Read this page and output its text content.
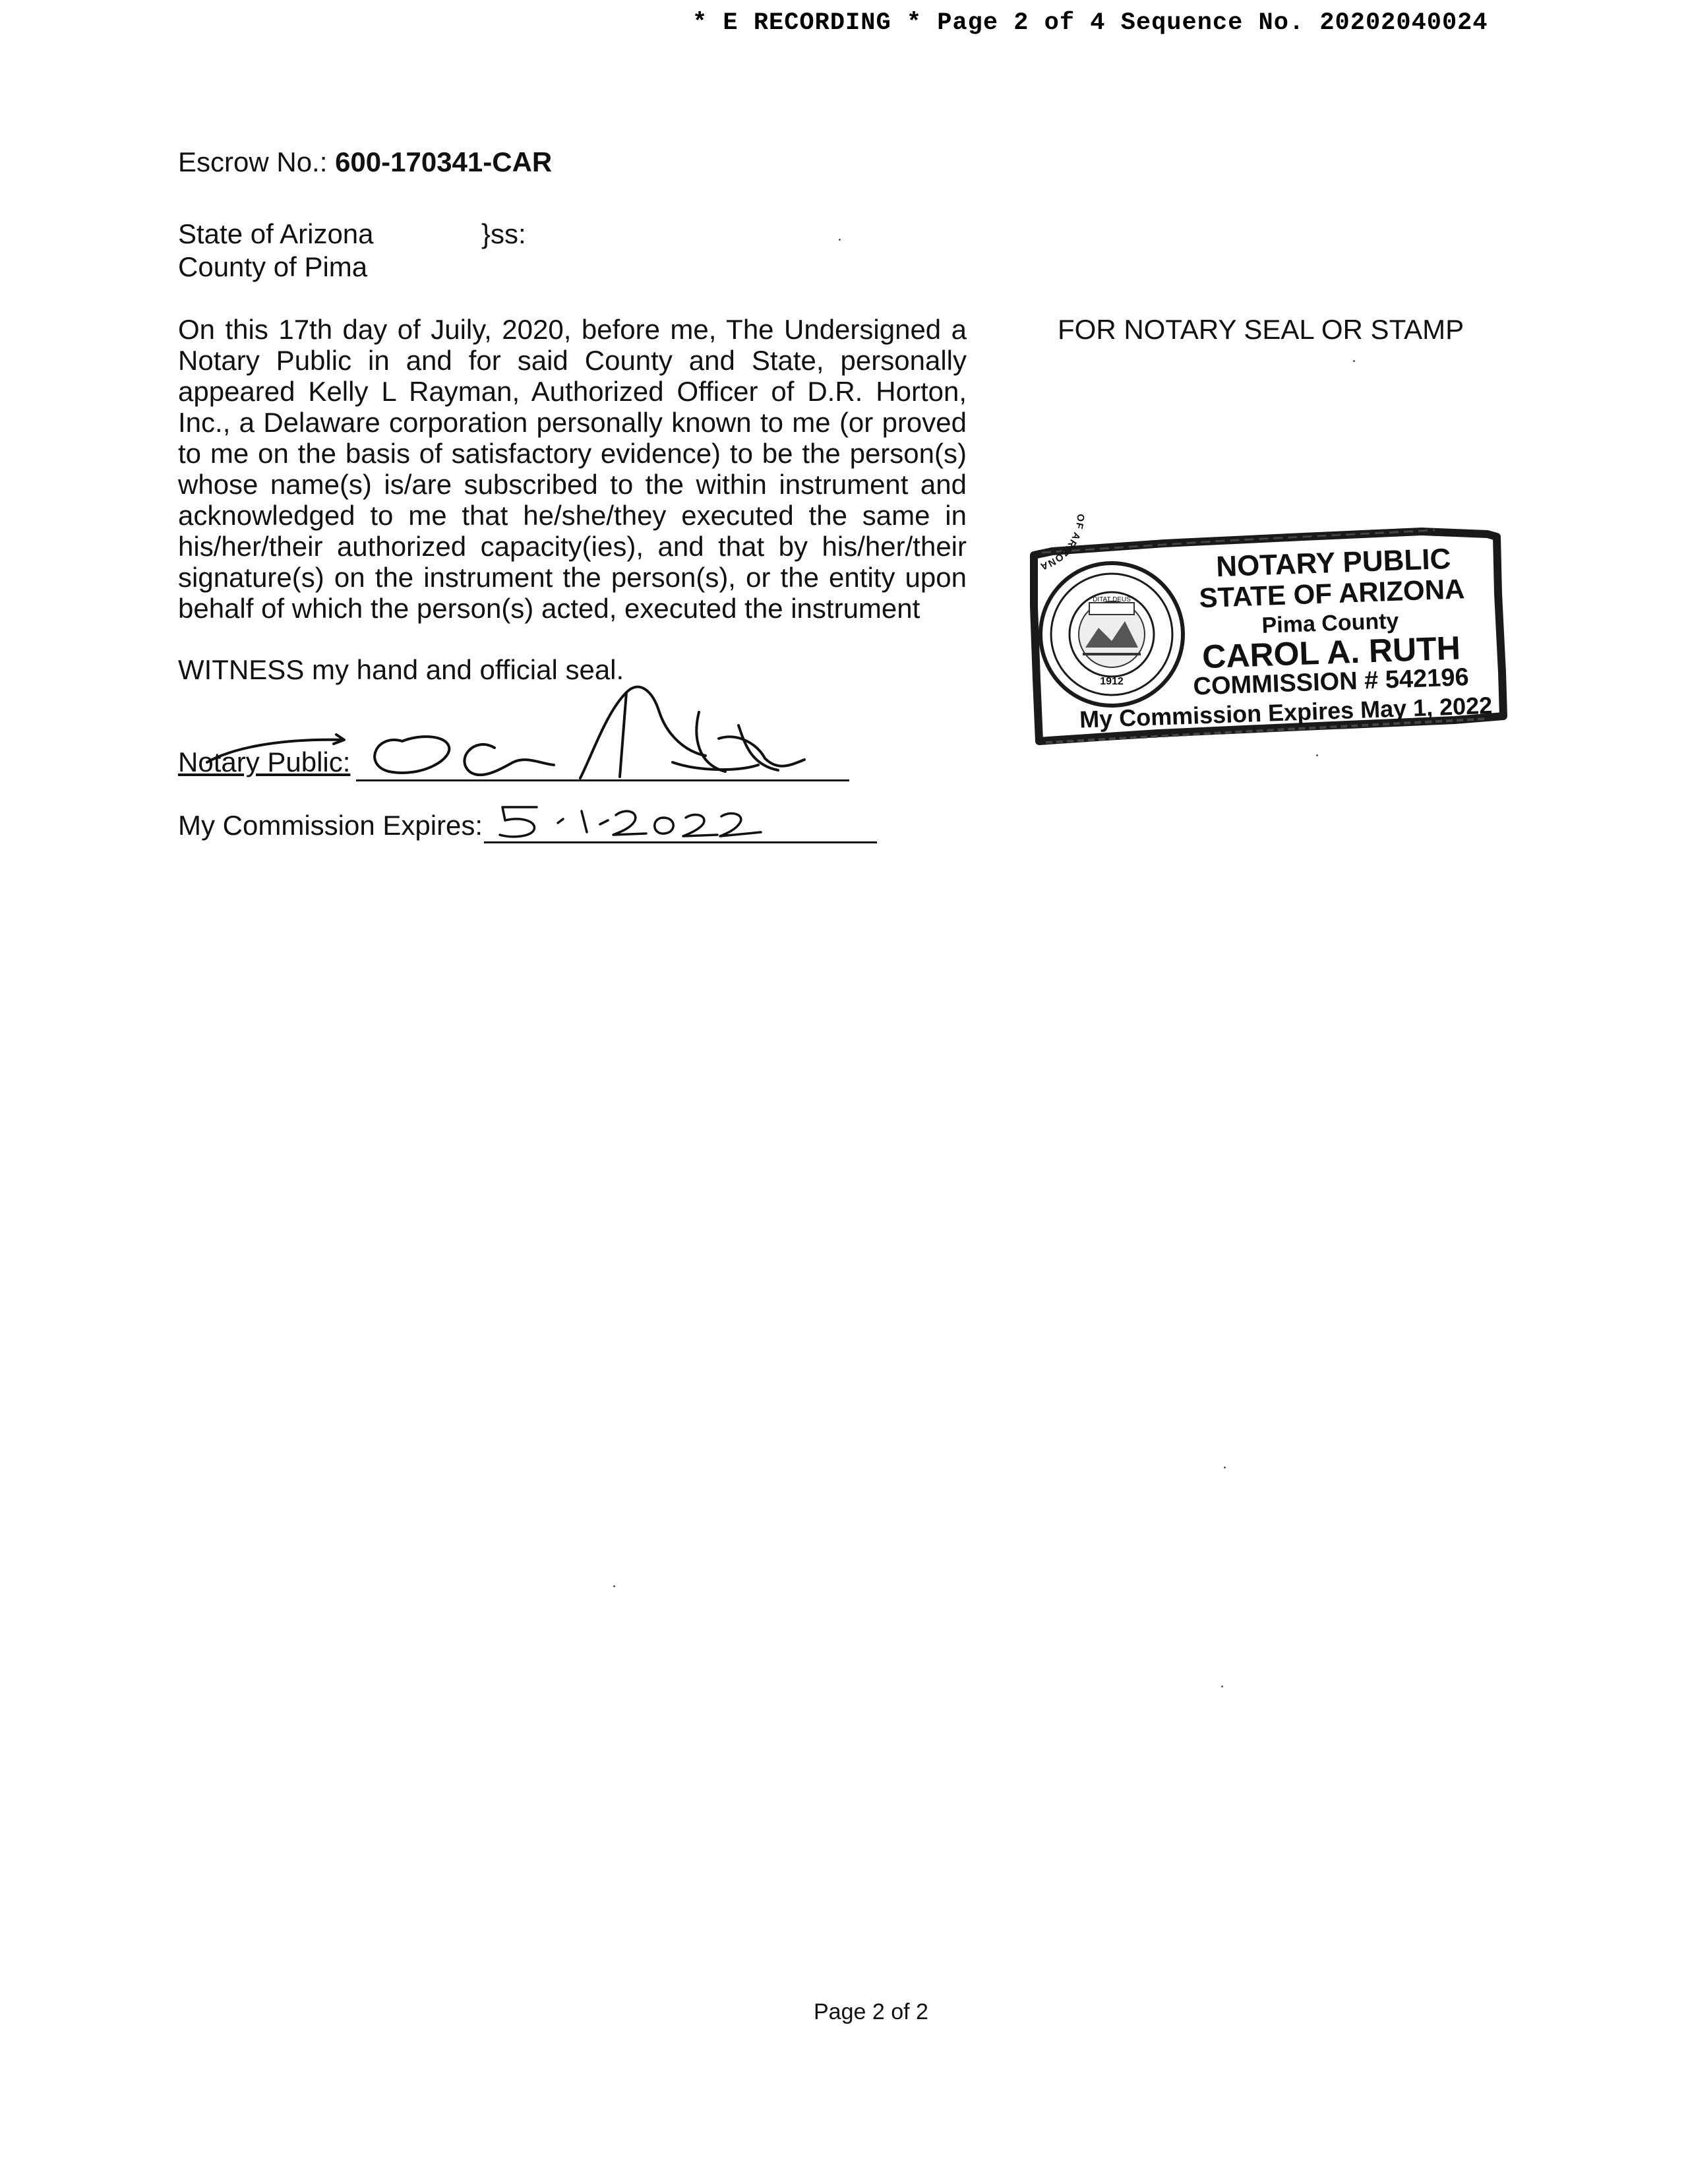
* E RECORDING * Page 2 of 4 Sequence No. 20202040024
Escrow No.: 600-170341-CAR
State of Arizona
County of Pima
}ss:
On this 17th day of Juily, 2020, before me, The Undersigned a
Notary Public in and for said County and State, personally
appeared Kelly L Rayman, Authorized Officer of D.R. Horton,
Inc., a Delaware corporation personally known to me (or proved
to me on the basis of satisfactory evidence) to be the person(s)
whose name(s) is/are subscribed to the within instrument and
acknowledged to me that he/she/they executed the same in
his/her/their authorized capacity(ies), and that by his/her/their
signature(s) on the instrument the person(s), or the entity upon
behalf of which the person(s) acted, executed the instrument
FOR NOTARY SEAL OR STAMP
DITAT DEUS
1912
OF ARIZONA	NOTARY PUBLIC
STATE OF ARIZONA
Pima County
CAROL A. RUTH
COMMISSION # 542196
My Commission Expires May 1, 2022
WITNESS my hand and official seal.
Notary Public:
My Commission Expires:
Page 2 of 2
